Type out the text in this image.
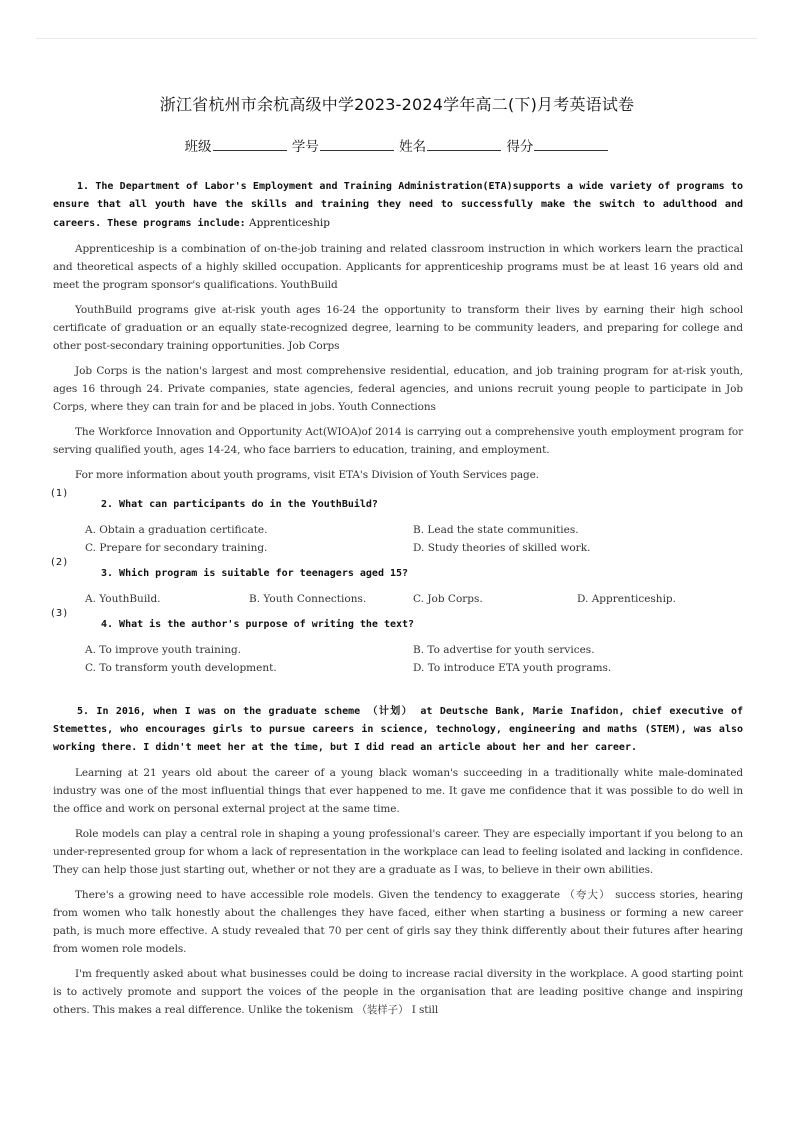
浙江省杭州市余杭高级中学2023-2024学年高二(下)月考英语试卷
班级	学号	姓名	得分

1. The Department of Labor's Employment and Training Administration(ETA)supports a wide variety of programs to ensure that all youth have the skills and training they need to successfully make the switch to adulthood and careers. These programs include: Apprenticeship

Apprenticeship is a combination of on-the-job training and related classroom instruction in which workers learn the practical and theoretical aspects of a highly skilled occupation. Applicants for apprenticeship programs must be at least 16 years old and meet the program sponsor's qualifications. YouthBuild

YouthBuild programs give at-risk youth ages 16-24 the opportunity to transform their lives by earning their high school certificate of graduation or an equally state-recognized degree, learning to be community leaders, and preparing for college and other post-secondary training opportunities. Job Corps

Job Corps is the nation's largest and most comprehensive residential, education, and job training program for at-risk youth, ages 16 through 24. Private companies, state agencies, federal agencies, and unions recruit young people to participate in Job Corps, where they can train for and be placed in jobs. Youth Connections

The Workforce Innovation and Opportunity Act(WIOA)of 2014 is carrying out a comprehensive youth employment program for serving qualified youth, ages 14-24, who face barriers to education, training, and employment.

For more information about youth programs, visit ETA's Division of Youth Services page.

(1)
2. What can participants do in the YouthBuild?
A. Obtain a graduation certificate.	B. Lead the state communities.
C. Prepare for secondary training.	D. Study theories of skilled work.
(2)
3. Which program is suitable for teenagers aged 15?
A. YouthBuild.	B. Youth Connections.	C. Job Corps.	D. Apprenticeship.
(3)
4. What is the author's purpose of writing the text?
A. To improve youth training.	B. To advertise for youth services.
C. To transform youth development.	D. To introduce ETA youth programs.

5. In 2016, when I was on the graduate scheme （计划） at Deutsche Bank, Marie Inafidon, chief executive of Stemettes, who encourages girls to pursue careers in science, technology, engineering and maths (STEM), was also working there. I didn't meet her at the time, but I did read an article about her and her career.

Learning at 21 years old about the career of a young black woman's succeeding in a traditionally white male-dominated industry was one of the most influential things that ever happened to me. It gave me confidence that it was possible to do well in the office and work on personal external project at the same time.

Role models can play a central role in shaping a young professional's career. They are especially important if you belong to an under-represented group for whom a lack of representation in the workplace can lead to feeling isolated and lacking in confidence. They can help those just starting out, whether or not they are a graduate as I was, to believe in their own abilities.

There's a growing need to have accessible role models. Given the tendency to exaggerate （夸大） success stories, hearing from women who talk honestly about the challenges they have faced, either when starting a business or forming a new career path, is much more effective. A study revealed that 70 per cent of girls say they think differently about their futures after hearing from women role models.

I'm frequently asked about what businesses could be doing to increase racial diversity in the workplace. A good starting point is to actively promote and support the voices of the people in the organisation that are leading positive change and inspiring others. This makes a real difference. Unlike the tokenism （装样子） I still
